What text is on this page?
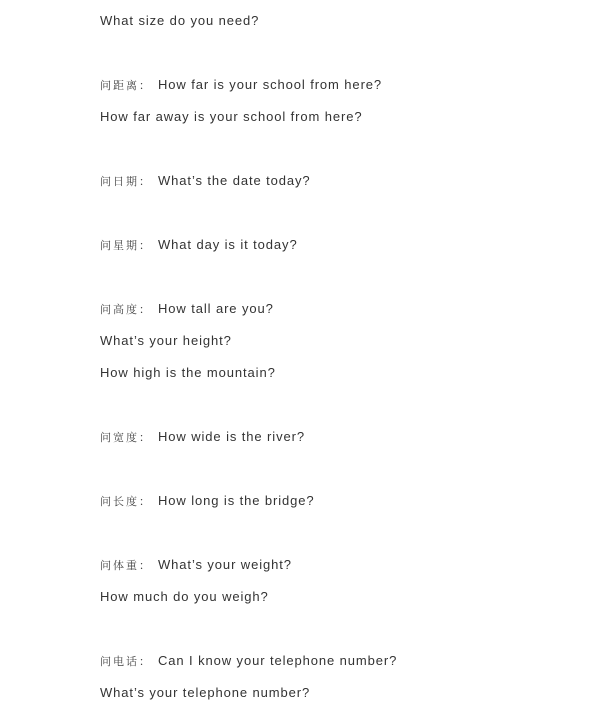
What size do you need?
问距离： How far is your school from here?
How far away is your school from here?
问日期： What’s the date today?
问星期： What day is it today?
问高度： How tall are you?
What’s your height?
How high is the mountain?
问宽度： How wide is the river?
问长度： How long is the bridge?
问体重： What’s your weight?
How much do you weigh?
问电话： Can I know your telephone number?
What’s your telephone number?
